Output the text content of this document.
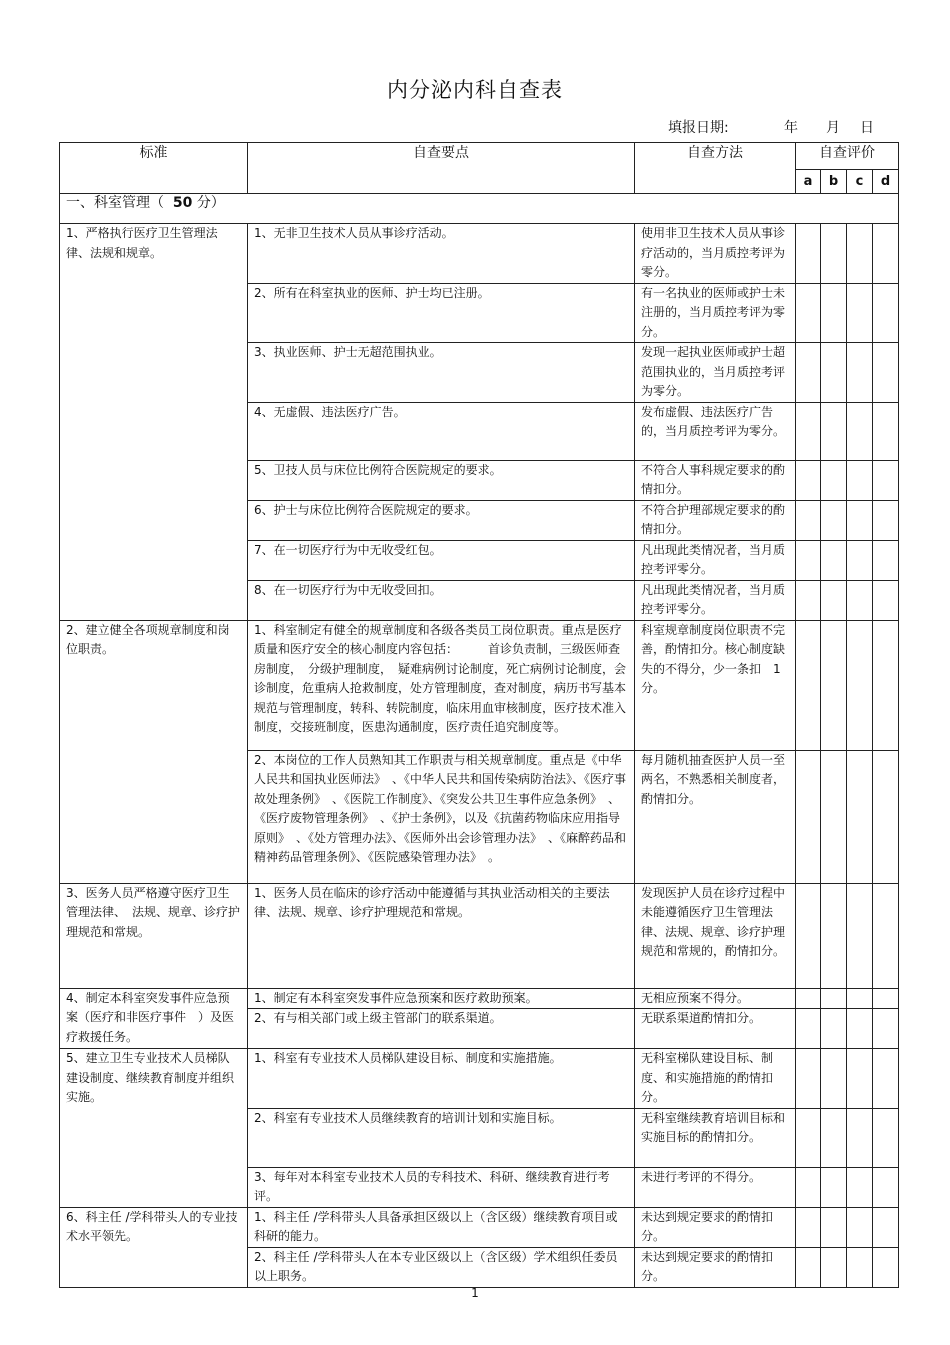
内分泌内科自查表
填报日期:	年 月 日
标准	自查要点	自查方法	自查评价			
			a	b	c	d
一、科室管理（ 50 分）						
1、严格执行医疗卫生管理法律、法规和规章。	1、无非卫生技术人员从事诊疗活动。	使用非卫生技术人员从事诊疗活动的，当月质控考评为零分。				
	2、所有在科室执业的医师、护士均已注册。	有一名执业的医师或护士未注册的，当月质控考评为零分。				
	3、执业医师、护士无超范围执业。	发现一起执业医师或护士超范围执业的，当月质控考评为零分。				
	4、无虚假、违法医疗广告。	发布虚假、违法医疗广告的，当月质控考评为零分。				
	5、卫技人员与床位比例符合医院规定的要求。	不符合人事科规定要求的酌情扣分。				
	6、护士与床位比例符合医院规定的要求。	不符合护理部规定要求的酌情扣分。				
	7、在一切医疗行为中无收受红包。	凡出现此类情况者，当月质控考评零分。				
	8、在一切医疗行为中无收受回扣。	凡出现此类情况者，当月质控考评零分。				
2、建立健全各项规章制度和岗位职责。	1、科室制定有健全的规章制度和各级各类员工岗位职责。重点是医疗质量和医疗安全的核心制度内容包括：　　　首诊负责制，三级医师查房制度，　分级护理制度，　疑难病例讨论制度，死亡病例讨论制度，会诊制度，危重病人抢救制度，处方管理制度，查对制度，病历书写基本规范与管理制度，转科、转院制度，临床用血审核制度，医疗技术准入制度，交接班制度，医患沟通制度，医疗责任追究制度等。	科室规章制度岗位职责不完善，酌情扣分。核心制度缺失的不得分，少一条扣　1 分。				
	2、本岗位的工作人员熟知其工作职责与相关规章制度。重点是《中华人民共和国执业医师法》　、《中华人民共和国传染病防治法》、《医疗事故处理条例》　、《医院工作制度》、《突发公共卫生事件应急条例》　、《医疗废物管理条例》　、《护士条例》，以及《抗菌药物临床应用指导原则》　、《处方管理办法》、《医师外出会诊管理办法》　、《麻醉药品和精神药品管理条例》、《医院感染管理办法》　。	每月随机抽查医护人员一至两名，不熟悉相关制度者，酌情扣分。				
3、医务人员严格遵守医疗卫生管理法律、　法规、规章、诊疗护理规范和常规。	1、医务人员在临床的诊疗活动中能遵循与其执业活动相关的主要法律、法规、规章、诊疗护理规范和常规。	发现医护人员在诊疗过程中未能遵循医疗卫生管理法律、法规、规章、诊疗护理规范和常规的，酌情扣分。				
4、制定本科室突发事件应急预案（医疗和非医疗事件　）及医疗救援任务。	1、制定有本科室突发事件应急预案和医疗救助预案。	无相应预案不得分。				
	2、有与相关部门或上级主管部门的联系渠道。	无联系渠道酌情扣分。				
5、建立卫生专业技术人员梯队建设制度、继续教育制度并组织实施。	1、科室有专业技术人员梯队建设目标、制度和实施措施。	无科室梯队建设目标、制度、和实施措施的酌情扣分。				
	2、科室有专业技术人员继续教育的培训计划和实施目标。	无科室继续教育培训目标和实施目标的酌情扣分。				
	3、每年对本科室专业技术人员的专科技术、科研、继续教育进行考评。	未进行考评的不得分。				
6、科主任 /学科带头人的专业技术水平领先。	1、科主任 /学科带头人具备承担区级以上（含区级）继续教育项目或科研的能力。	未达到规定要求的酌情扣分。				
	2、科主任 /学科带头人在本专业区级以上（含区级）学术组织任委员以上职务。	未达到规定要求的酌情扣分。				
1
